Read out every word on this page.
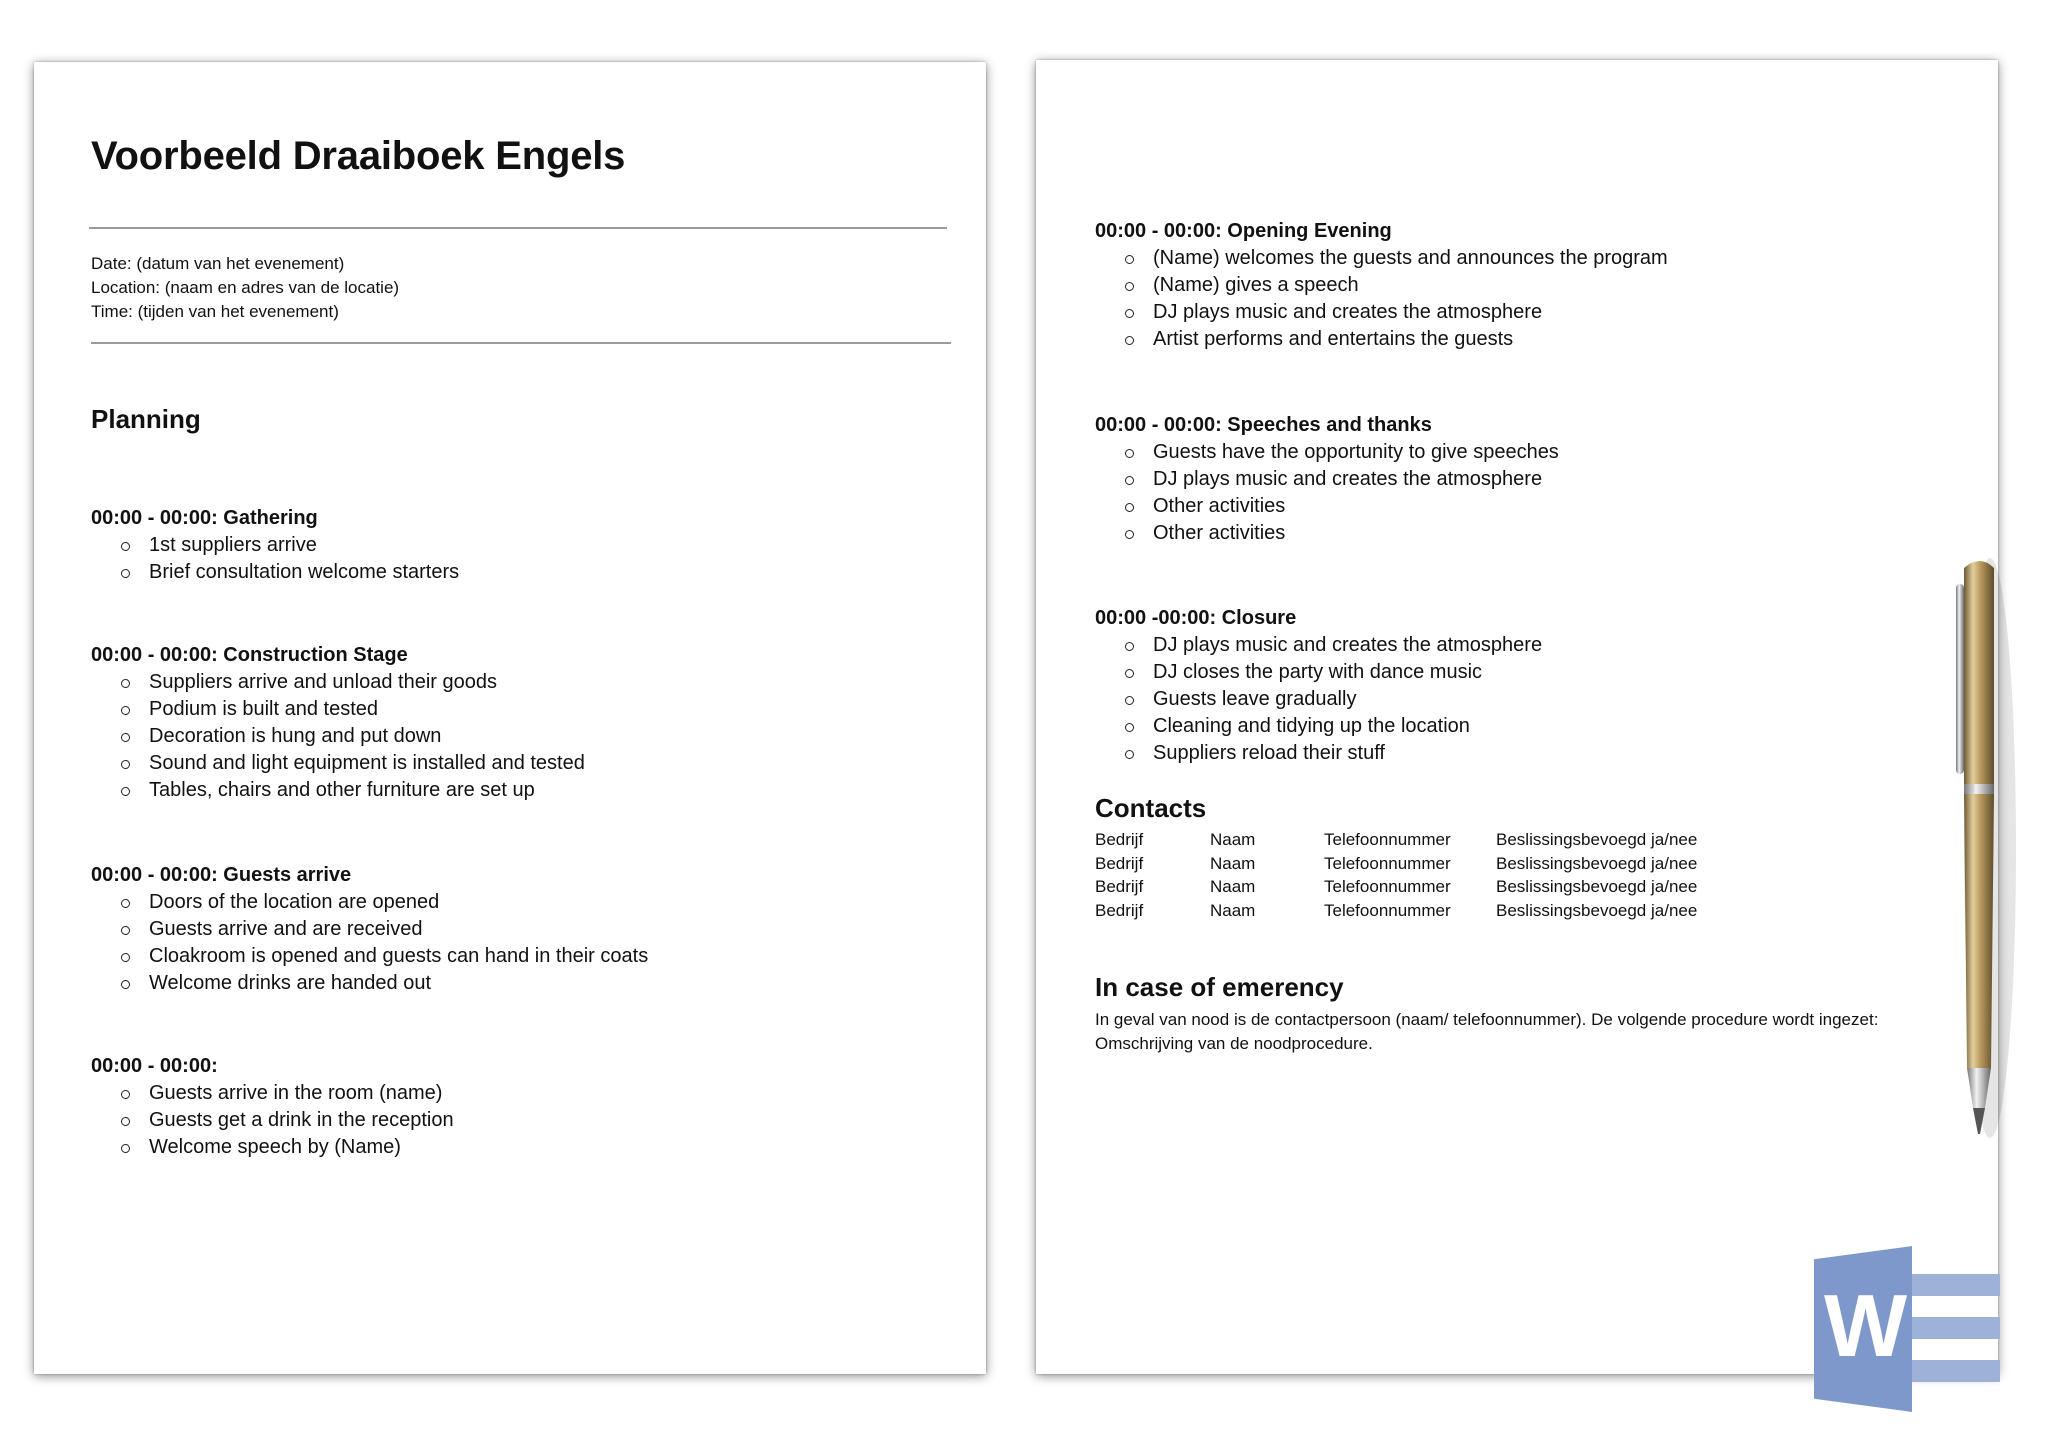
Voorbeeld Draaiboek Engels
Date: (datum van het evenement)
Location: (naam en adres van de locatie)
Time: (tijden van het evenement)
Planning
00:00 - 00:00: Gathering
1st suppliers arrive
Brief consultation welcome starters
00:00 - 00:00: Construction Stage
Suppliers arrive and unload their goods
Podium is built and tested
Decoration is hung and put down
Sound and light equipment is installed and tested
Tables, chairs and other furniture are set up
00:00 - 00:00: Guests arrive
Doors of the location are opened
Guests arrive and are received
Cloakroom is opened and guests can hand in their coats
Welcome drinks are handed out
00:00 - 00:00:
Guests arrive in the room (name)
Guests get a drink in the reception
Welcome speech by (Name)
00:00 - 00:00: Opening Evening
(Name) welcomes the guests and announces the program
(Name) gives a speech
DJ plays music and creates the atmosphere
Artist performs and entertains the guests
00:00 - 00:00: Speeches and thanks
Guests have the opportunity to give speeches
DJ plays music and creates the atmosphere
Other activities
Other activities
00:00 -00:00: Closure
DJ plays music and creates the atmosphere
DJ closes the party with dance music
Guests leave gradually
Cleaning and tidying up the location
Suppliers reload their stuff
Contacts
Bedrijf	Naam	Telefoonnummer	Beslissingsbevoegd ja/nee
Bedrijf	Naam	Telefoonnummer	Beslissingsbevoegd ja/nee
Bedrijf	Naam	Telefoonnummer	Beslissingsbevoegd ja/nee
Bedrijf	Naam	Telefoonnummer	Beslissingsbevoegd ja/nee
In case of emerency
In geval van nood is de contactpersoon (naam/ telefoonnummer). De volgende procedure wordt ingezet:
Omschrijving van de noodprocedure.
W
